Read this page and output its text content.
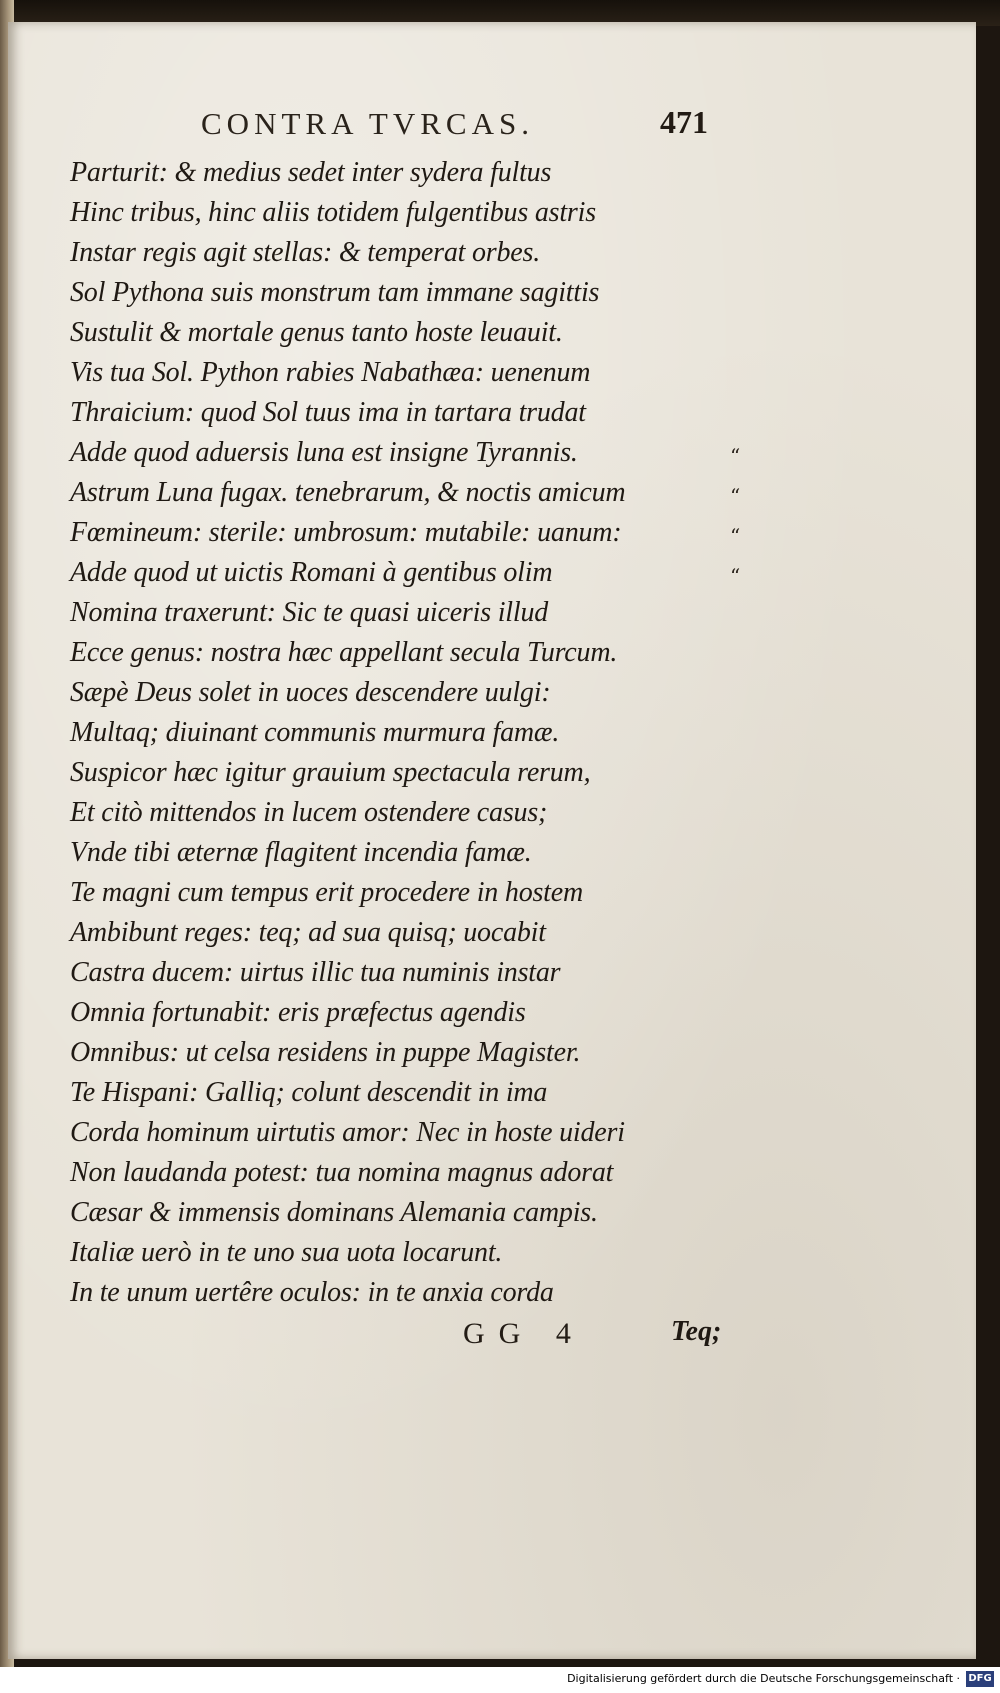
CONTRA TVRCAS.	471
Parturit: & medius sedet inter sydera fultus
Hinc tribus, hinc aliis totidem fulgentibus astris
Instar regis agit stellas: & temperat orbes.
Sol Pythona suis monstrum tam immane sagittis
Sustulit & mortale genus tanto hoste leuauit.
Vis tua Sol. Python rabies Nabathæa: uenenum
Thraicium: quod Sol tuus ima in tartara trudat
Adde quod aduersis luna est insigne Tyrannis.
Astrum Luna fugax. tenebrarum, & noctis amicum
Fœmineum: sterile: umbrosum: mutabile: uanum:
Adde quod ut uictis Romani à gentibus olim
Nomina traxerunt: Sic te quasi uiceris illud
Ecce genus: nostra hæc appellant secula Turcum.
Sæpè Deus solet in uoces descendere uulgi:
Multaq; diuinant communis murmura famæ.
Suspicor hæc igitur grauium spectacula rerum,
Et citò mittendos in lucem ostendere casus;
Vnde tibi æternæ flagitent incendia famæ.
Te magni cum tempus erit procedere in hostem
Ambibunt reges: teq; ad sua quisq; uocabit
Castra ducem: uirtus illic tua numinis instar
Omnia fortunabit: eris præfectus agendis
Omnibus: ut celsa residens in puppe Magister.
Te Hispani: Galliq; colunt descendit in ima
Corda hominum uirtutis amor: Nec in hoste uideri
Non laudanda potest: tua nomina magnus adorat
Cæsar & immensis dominans Alemania campis.
Italiæ uerò in te uno sua uota locarunt.
In te unum uertêre oculos: in te anxia corda
“
“
“
“
GG 4	Teq;
Digitalisierung gefördert durch die Deutsche Forschungsgemeinschaft · DFG
